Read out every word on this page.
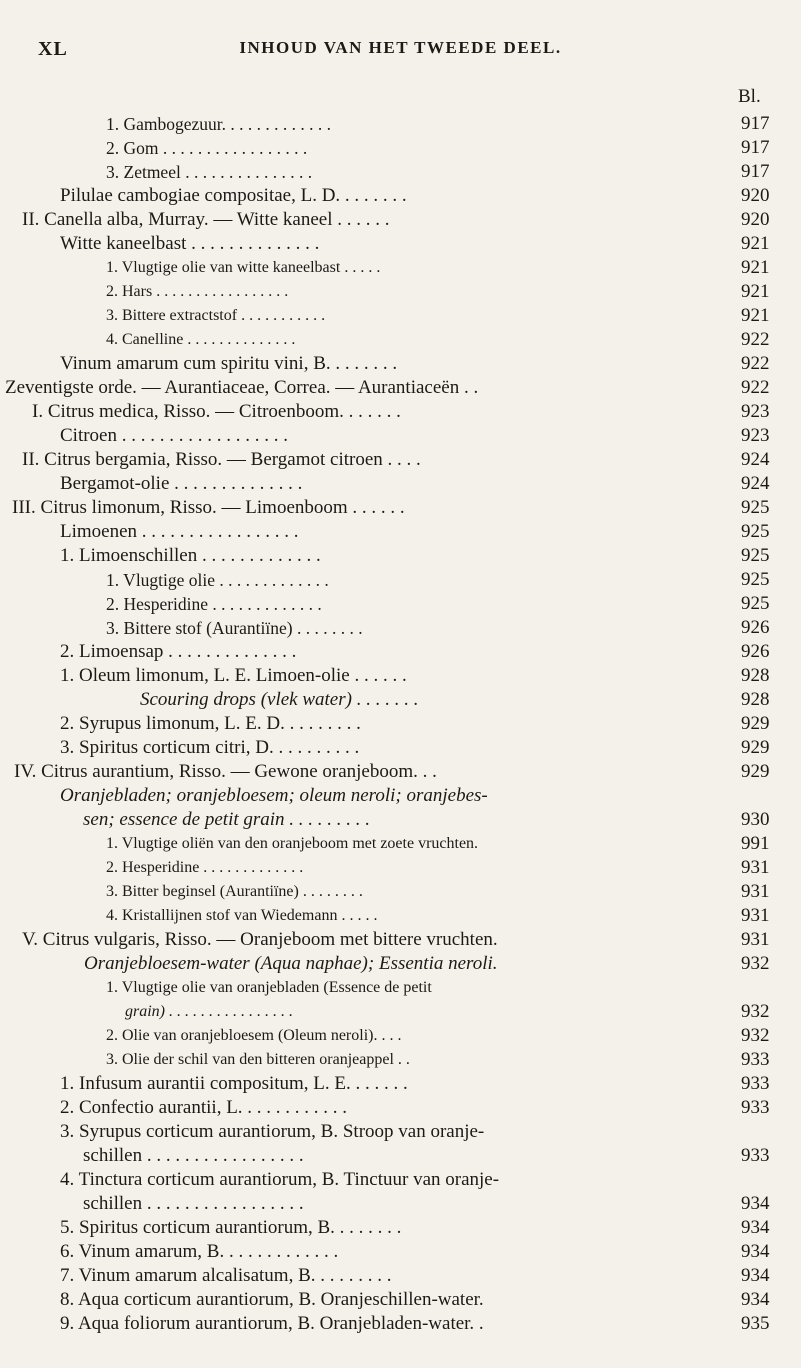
XL	INHOUD VAN HET TWEEDE DEEL.
Bl.
1. Gambogezuur. . . . . . . . . . . . .	917
2. Gom . . . . . . . . . . . . . . . . .	917
3. Zetmeel . . . . . . . . . . . . . . .	917
Pilulae cambogiae compositae, L. D. . . . . . . .	920
II. Canella alba, Murray. — Witte kaneel . . . . . .	920
Witte kaneelbast . . . . . . . . . . . . . .	921
1. Vlugtige olie van witte kaneelbast . . . . .	921
2. Hars . . . . . . . . . . . . . . . . .	921
3. Bittere extractstof . . . . . . . . . . .	921
4. Canelline . . . . . . . . . . . . . .	922
Vinum amarum cum spiritu vini, B. . . . . . . .	922
Zeventigste orde. — Aurantiaceae, Correa. — Aurantiaceën . .	922
I. Citrus medica, Risso. — Citroenboom. . . . . . .	923
Citroen . . . . . . . . . . . . . . . . . .	923
II. Citrus bergamia, Risso. — Bergamot citroen . . . .	924
Bergamot-olie . . . . . . . . . . . . . .	924
III. Citrus limonum, Risso. — Limoenboom . . . . . .	925
Limoenen . . . . . . . . . . . . . . . . .	925
1. Limoenschillen . . . . . . . . . . . . .	925
1. Vlugtige olie . . . . . . . . . . . . .	925
2. Hesperidine . . . . . . . . . . . . .	925
3. Bittere stof (Aurantiïne) . . . . . . . .	926
2. Limoensap . . . . . . . . . . . . . .	926
1. Oleum limonum, L. E. Limoen-olie . . . . . .	928
Scouring drops (vlek water) . . . . . . .	928
2. Syrupus limonum, L. E. D. . . . . . . . .	929
3. Spiritus corticum citri, D. . . . . . . . . .	929
IV. Citrus aurantium, Risso. — Gewone oranjeboom. . .	929
Oranjebladen; oranjebloesem; oleum neroli; oranjebes-
sen; essence de petit grain . . . . . . . . .	930
1. Vlugtige oliën van den oranjeboom met zoete vruchten.	991
2. Hesperidine . . . . . . . . . . . . .	931
3. Bitter beginsel (Aurantiïne) . . . . . . . .	931
4. Kristallijnen stof van Wiedemann . . . . .	931
V. Citrus vulgaris, Risso. — Oranjeboom met bittere vruchten.	931
Oranjebloesem-water (Aqua naphae); Essentia neroli.	932
1. Vlugtige olie van oranjebladen (Essence de petit
grain) . . . . . . . . . . . . . . . .	932
2. Olie van oranjebloesem (Oleum neroli). . . .	932
3. Olie der schil van den bitteren oranjeappel . .	933
1. Infusum aurantii compositum, L. E. . . . . . .	933
2. Confectio aurantii, L. . . . . . . . . . . .	933
3. Syrupus corticum aurantiorum, B. Stroop van oranje-
schillen . . . . . . . . . . . . . . . . .	933
4. Tinctura corticum aurantiorum, B. Tinctuur van oranje-
schillen . . . . . . . . . . . . . . . . .	934
5. Spiritus corticum aurantiorum, B. . . . . . . .	934
6. Vinum amarum, B. . . . . . . . . . . . .	934
7. Vinum amarum alcalisatum, B. . . . . . . . .	934
8. Aqua corticum aurantiorum, B. Oranjeschillen-water.	934
9. Aqua foliorum aurantiorum, B. Oranjebladen-water. .	935
